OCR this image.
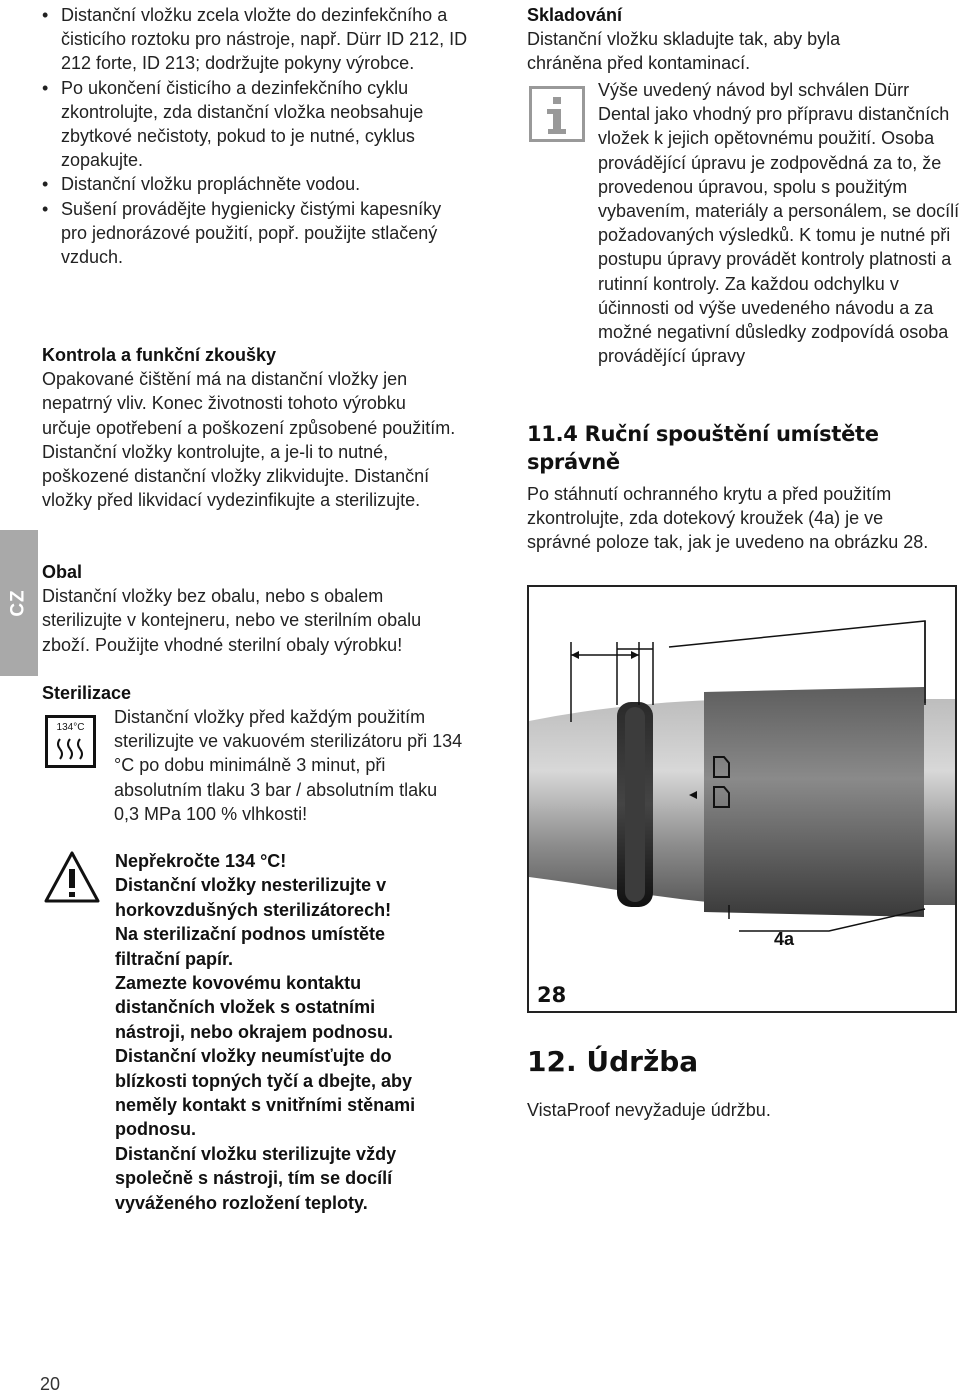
CZ

• Distanční vložku zcela vložte do dezinfekčního a čisticího roztoku pro nástroje, např. Dürr ID 212, ID 212 forte, ID 213; dodržujte pokyny výrobce.

• Po ukončení čisticího a dezinfekčního cyklu zkontrolujte, zda distanční vložka neobsahuje zbytkové nečistoty, pokud to je nutné, cyklus zopakujte.

• Distanční vložku propláchněte vodou.

• Sušení provádějte hygienicky čistými kapesníky pro jednorázové použití, popř. použijte stlačený vzduch.

Kontrola a funkční zkoušky

Opakované čištění má na distanční vložky jen nepatrný vliv. Konec životnosti tohoto výrobku určuje opotřebení a poškození způsobené použitím. Distanční vložky kontrolujte, a je-li to nutné, poškozené distanční vložky zlikvidujte. Distanční vložky před likvidací vydezinfikujte a sterilizujte.

Obal

Distanční vložky bez obalu, nebo s obalem sterilizujte v kontejneru, nebo ve sterilním obalu zboží. Použijte vhodné sterilní obaly výrobku!

Sterilizace
134°C

Distanční vložky před každým použitím sterilizujte ve vakuovém sterilizátoru při 134 °C po dobu minimálně 3 minut, při absolutním tlaku 3 bar / absolutním tlaku 0,3 MPa 100 % vlhkosti!

Nepřekročte 134 °C!

Distanční vložky nesterilizujte v horkovzdušných sterilizátorech!

Na sterilizační podnos umístěte filtrační papír.

Zamezte kovovému kontaktu distančních vložek s ostatními nástroji, nebo okrajem podnosu.

Distanční vložky neumísťujte do blízkosti topných tyčí a dbejte, aby neměly kontakt s vnitřními stěnami podnosu.

Distanční vložku sterilizujte vždy společně s nástroji, tím se docílí vyváženého rozložení teploty.

Skladování

Distanční vložku skladujte tak, aby byla chráněna před kontaminací.

Výše uvedený návod byl schválen Dürr Dental jako vhodný pro přípravu distančních vložek k jejich opětovnému použití. Osoba provádějící úpravu je zodpovědná za to, že provedenou úpravou, spolu s použitým vybavením, materiály a personálem, se docílí požadovaných výsledků. K tomu je nutné při postupu úpravy provádět kontroly platnosti a rutinní kontroly. Za každou odchylku v účinnosti od výše uvedeného návodu a za možné negativní důsledky zodpovídá osoba provádějící úpravy

11.4 Ruční spouštění umístěte správně

Po stáhnutí ochranného krytu a před použitím zkontrolujte, zda dotekový kroužek (4a) je ve správné poloze tak, jak je uvedeno na obrázku 28.

4a
28
12. Údržba

VistaProof nevyžaduje údržbu.

20
